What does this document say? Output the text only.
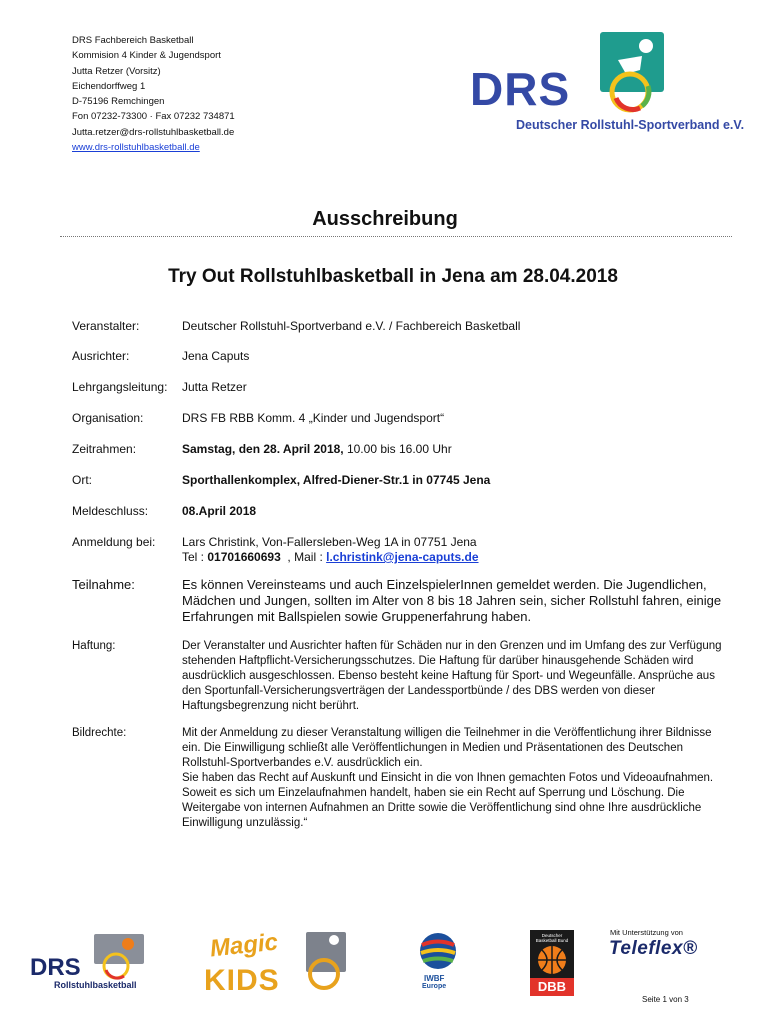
DRS Fachbereich Basketball
Kommision 4 Kinder & Jugendsport
Jutta Retzer (Vorsitz)
Eichendorffweg 1
D-75196 Remchingen
Fon 07232-73300 · Fax 07232 734871
Jutta.retzer@drs-rollstuhlbasketball.de
www.drs-rollstuhlbasketball.de
DRS
Deutscher Rollstuhl-Sportverband e.V.
Ausschreibung
Try Out Rollstuhlbasketball in Jena am 28.04.2018
Veranstalter:	Deutscher Rollstuhl-Sportverband e.V. / Fachbereich Basketball
Ausrichter:	Jena Caputs
Lehrgangsleitung:	Jutta Retzer
Organisation:	DRS FB RBB Komm. 4 „Kinder und Jugendsport“
Zeitrahmen:	Samstag, den 28. April 2018, 10.00 bis 16.00 Uhr
Ort:	Sporthallenkomplex, Alfred-Diener-Str.1 in 07745 Jena
Meldeschluss:	08.April 2018
Anmeldung bei:	Lars Christink, Von-Fallersleben-Weg 1A in 07751 Jena
Tel : 01701660693  , Mail : l.christink@jena-caputs.de
Teilnahme:	Es können Vereinsteams und auch EinzelspielerInnen gemeldet werden. Die Jugendlichen, Mädchen und Jungen, sollten im Alter von 8 bis 18 Jahren sein, sicher Rollstuhl fahren, einige Erfahrungen mit Ballspielen sowie Gruppenerfahrung haben.
Haftung:	Der Veranstalter und Ausrichter haften für Schäden nur in den Grenzen und im Umfang des zur Verfügung stehenden Haftpflicht-Versicherungsschutzes. Die Haftung für darüber hinausgehende Schäden wird ausdrücklich ausgeschlossen. Ebenso besteht keine Haftung für Sport- und Wegeunfälle. Ansprüche aus den Sportunfall-Versicherungsverträgen der Landessportbünde / des DBS werden von dieser Haftungsbegrenzung nicht berührt.
Bildrechte:	Mit der Anmeldung zu dieser Veranstaltung willigen die Teilnehmer in die Veröffentlichung ihrer Bildnisse ein. Die Einwilligung schließt alle Veröffentlichungen in Medien und Präsentationen des Deutschen Rollstuhl-Sportverbandes e.V. ausdrücklich ein.
Sie haben das Recht auf Auskunft und Einsicht in die von Ihnen gemachten Fotos und Videoaufnahmen. Soweit es sich um Einzelaufnahmen handelt, haben sie ein Recht auf Sperrung und Löschung. Die Weitergabe von internen Aufnahmen an Dritte sowie die Veröffentlichung sind ohne Ihre ausdrückliche Einwilligung unzulässig.“
DRS
Rollstuhlbasketball
Magic
KIDS	IWBF
Europe
Deutscher Basketball Bund
DBB
Mit Unterstützung von
Teleflex®
Seite 1 von 3
